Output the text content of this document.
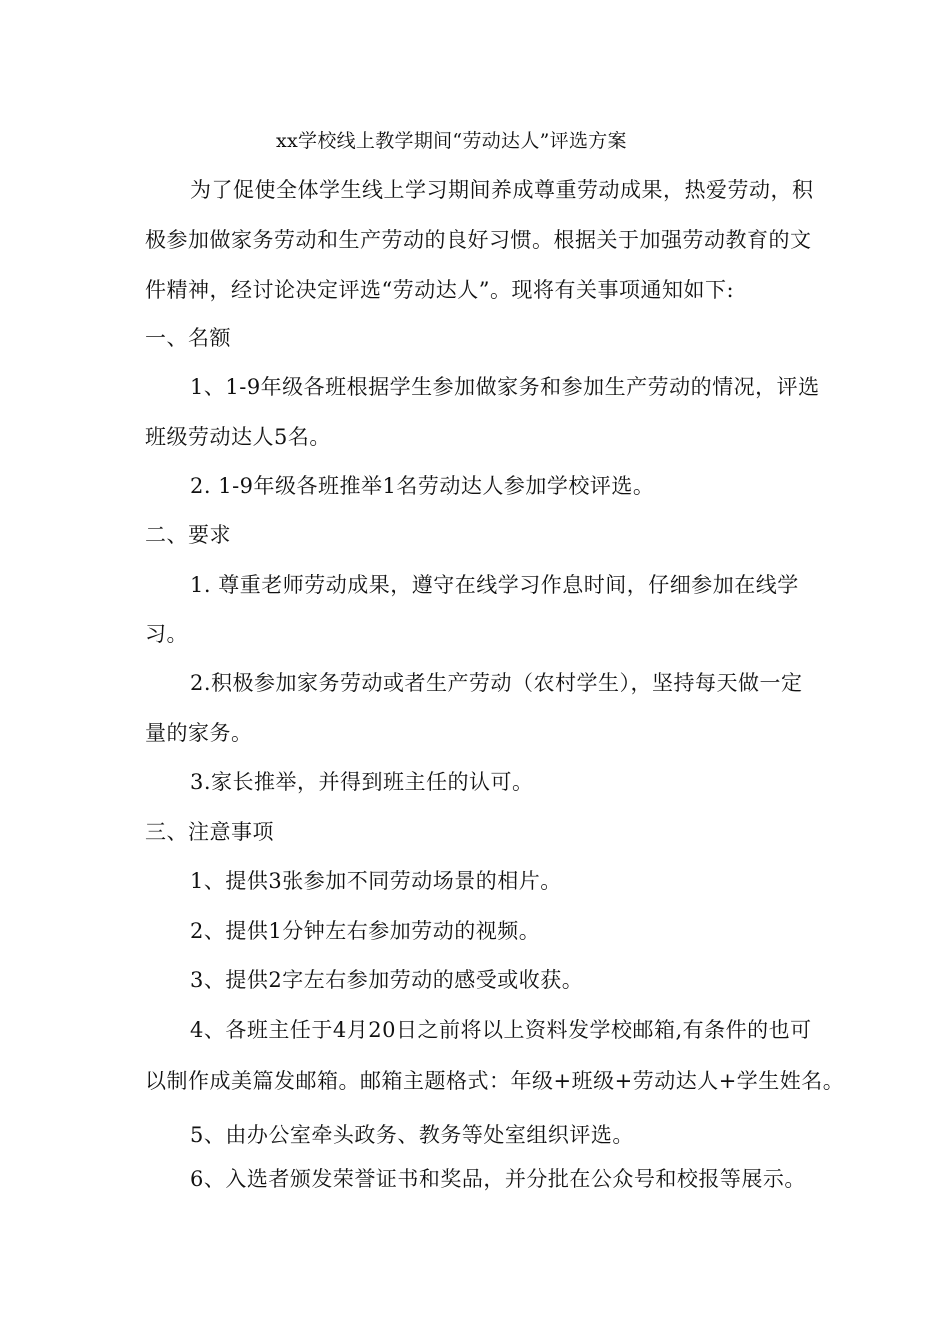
xx学校线上教学期间“劳动达人”评选方案
为了促使全体学生线上学习期间养成尊重劳动成果，热爱劳动，积
极参加做家务劳动和生产劳动的良好习惯。根据关于加强劳动教育的文
件精神，经讨论决定评选“劳动达人”。现将有关事项通知如下:
一、名额
1、1-9年级各班根据学生参加做家务和参加生产劳动的情况，评选
班级劳动达人5名。
2. 1-9年级各班推举1名劳动达人参加学校评选。
二、要求
1. 尊重老师劳动成果，遵守在线学习作息时间，仔细参加在线学
习。
2.积极参加家务劳动或者生产劳动（农村学生），坚持每天做一定
量的家务。
3.家长推举，并得到班主任的认可。
三、注意事项
1、提供3张参加不同劳动场景的相片。
2、提供1分钟左右参加劳动的视频。
3、提供2字左右参加劳动的感受或收获。
4、各班主任于4月20日之前将以上资料发学校邮箱,有条件的也可
以制作成美篇发邮箱。邮箱主题格式：年级+班级+劳动达人+学生姓名。
5、由办公室牵头政务、教务等处室组织评选。
6、入选者颁发荣誉证书和奖品，并分批在公众号和校报等展示。
